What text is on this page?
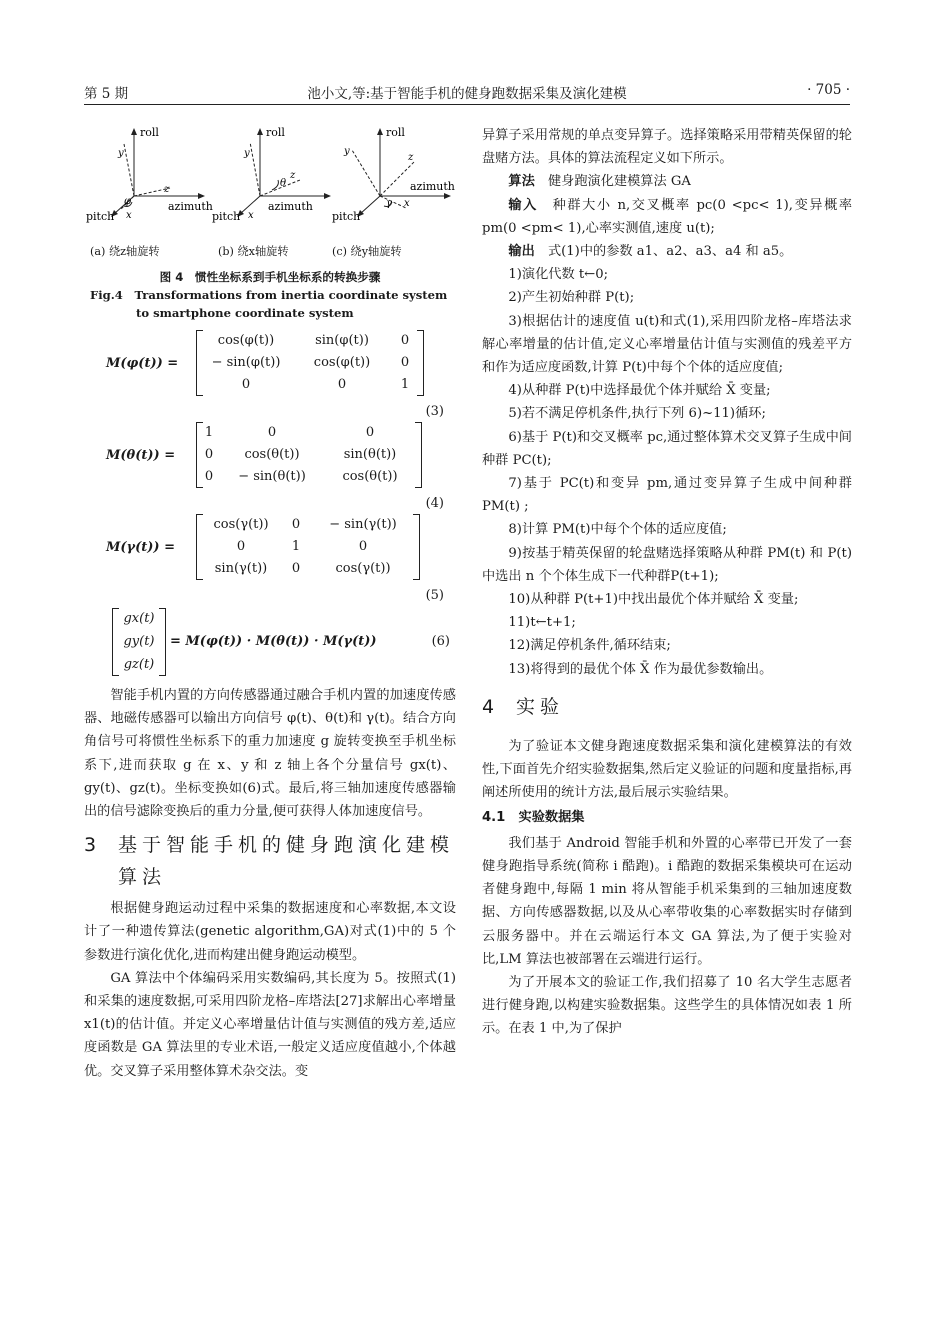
第 5 期	池小文,等:基于智能手机的健身跑数据采集及演化建模	· 705 ·
roll
y
z
azimuth
pitch x
φ
(a) 绕z轴旋转
roll
y
z
θ
azimuth
pitch x
(b) 绕x轴旋转
roll
y
z
x
γ
azimuth
pitch
(c) 绕y轴旋转
图 4　惯性坐标系到手机坐标系的转换步骤
Fig.4　Transformations from inertia coordinate system
to smartphone coordinate system
M(φ(t)) =
cos(φ(t))	sin(φ(t))	0
− sin(φ(t))	cos(φ(t))	0
0	0	1
(3)
M(θ(t)) =
1	0	0
0	cos(θ(t))	sin(θ(t))
0	− sin(θ(t))	cos(θ(t))
(4)
M(γ(t)) =
cos(γ(t))	0	− sin(γ(t))
0	1	0
sin(γ(t))	0	cos(γ(t))
(5)
gx(t)
gy(t)
gz(t)
= M(φ(t)) · M(θ(t)) · M(γ(t))	(6)

智能手机内置的方向传感器通过融合手机内置的加速度传感器、地磁传感器可以输出方向信号 φ(t)、θ(t)和 γ(t)。结合方向角信号可将惯性坐标系下的重力加速度 g 旋转变换至手机坐标系下,进而获取 g 在 x、y 和 z 轴上各个分量信号 gx(t)、gy(t)、gz(t)。坐标变换如(6)式。最后,将三轴加速度传感器输出的信号滤除变换后的重力分量,便可获得人体加速度信号。

3 基于智能手机的健身跑演化建模
算法

根据健身跑运动过程中采集的数据速度和心率数据,本文设计了一种遗传算法(genetic algorithm,GA)对式(1)中的 5 个参数进行演化优化,进而构建出健身跑运动模型。

GA 算法中个体编码采用实数编码,其长度为 5。按照式(1)和采集的速度数据,可采用四阶龙格–库塔法[27]求解出心率增量 x1(t)的估计值。并定义心率增量估计值与实测值的残方差,适应度函数是 GA 算法里的专业术语,一般定义适应度值越小,个体越优。交叉算子采用整体算术杂交法。变

异算子采用常规的单点变异算子。选择策略采用带精英保留的轮盘赌方法。具体的算法流程定义如下所示。

算法　 健身跑演化建模算法 GA

输入　 种群大小 n,交叉概率 pc(0 <pc< 1),变异概率 pm(0 <pm< 1),心率实测值,速度 u(t);

输出　 式(1)中的参数 a1、a2、a3、a4 和 a5。

1)演化代数 t←0;

2)产生初始种群 P(t);

3)根据估计的速度值 u(t)和式(1),采用四阶龙格–库塔法求解心率增量的估计值,定义心率增量估计值与实测值的残差平方和作为适应度函数,计算 P(t)中每个个体的适应度值;

4)从种群 P(t)中选择最优个体并赋给 X̄ 变量;

5)若不满足停机条件,执行下列 6)~11)循环;

6)基于 P(t)和交叉概率 pc,通过整体算术交叉算子生成中间种群 PC(t);

7)基于 PC(t)和变异 pm,通过变异算子生成中间种群 PM(t) ;

8)计算 PM(t)中每个个体的适应度值;

9)按基于精英保留的轮盘赌选择策略从种群 PM(t) 和 P(t) 中选出 n 个个体生成下一代种群P(t+1);

10)从种群 P(t+1)中找出最优个体并赋给 X̄ 变量;

11)t←t+1;

12)满足停机条件,循环结束;

13)将得到的最优个体 X̄ 作为最优参数输出。

4 实验

为了验证本文健身跑速度数据采集和演化建模算法的有效性,下面首先介绍实验数据集,然后定义验证的问题和度量指标,再阐述所使用的统计方法,最后展示实验结果。

4.1　实验数据集

我们基于 Android 智能手机和外置的心率带已开发了一套健身跑指导系统(简称 i 酷跑)。i 酷跑的数据采集模块可在运动者健身跑中,每隔 1 min 将从智能手机采集到的三轴加速度数据、方向传感器数据,以及从心率带收集的心率数据实时存储到云服务器中。并在云端运行本文 GA 算法,为了便于实验对比,LM 算法也被部署在云端进行运行。

为了开展本文的验证工作,我们招募了 10 名大学生志愿者进行健身跑,以构建实验数据集。这些学生的具体情况如表 1 所示。在表 1 中,为了保护
